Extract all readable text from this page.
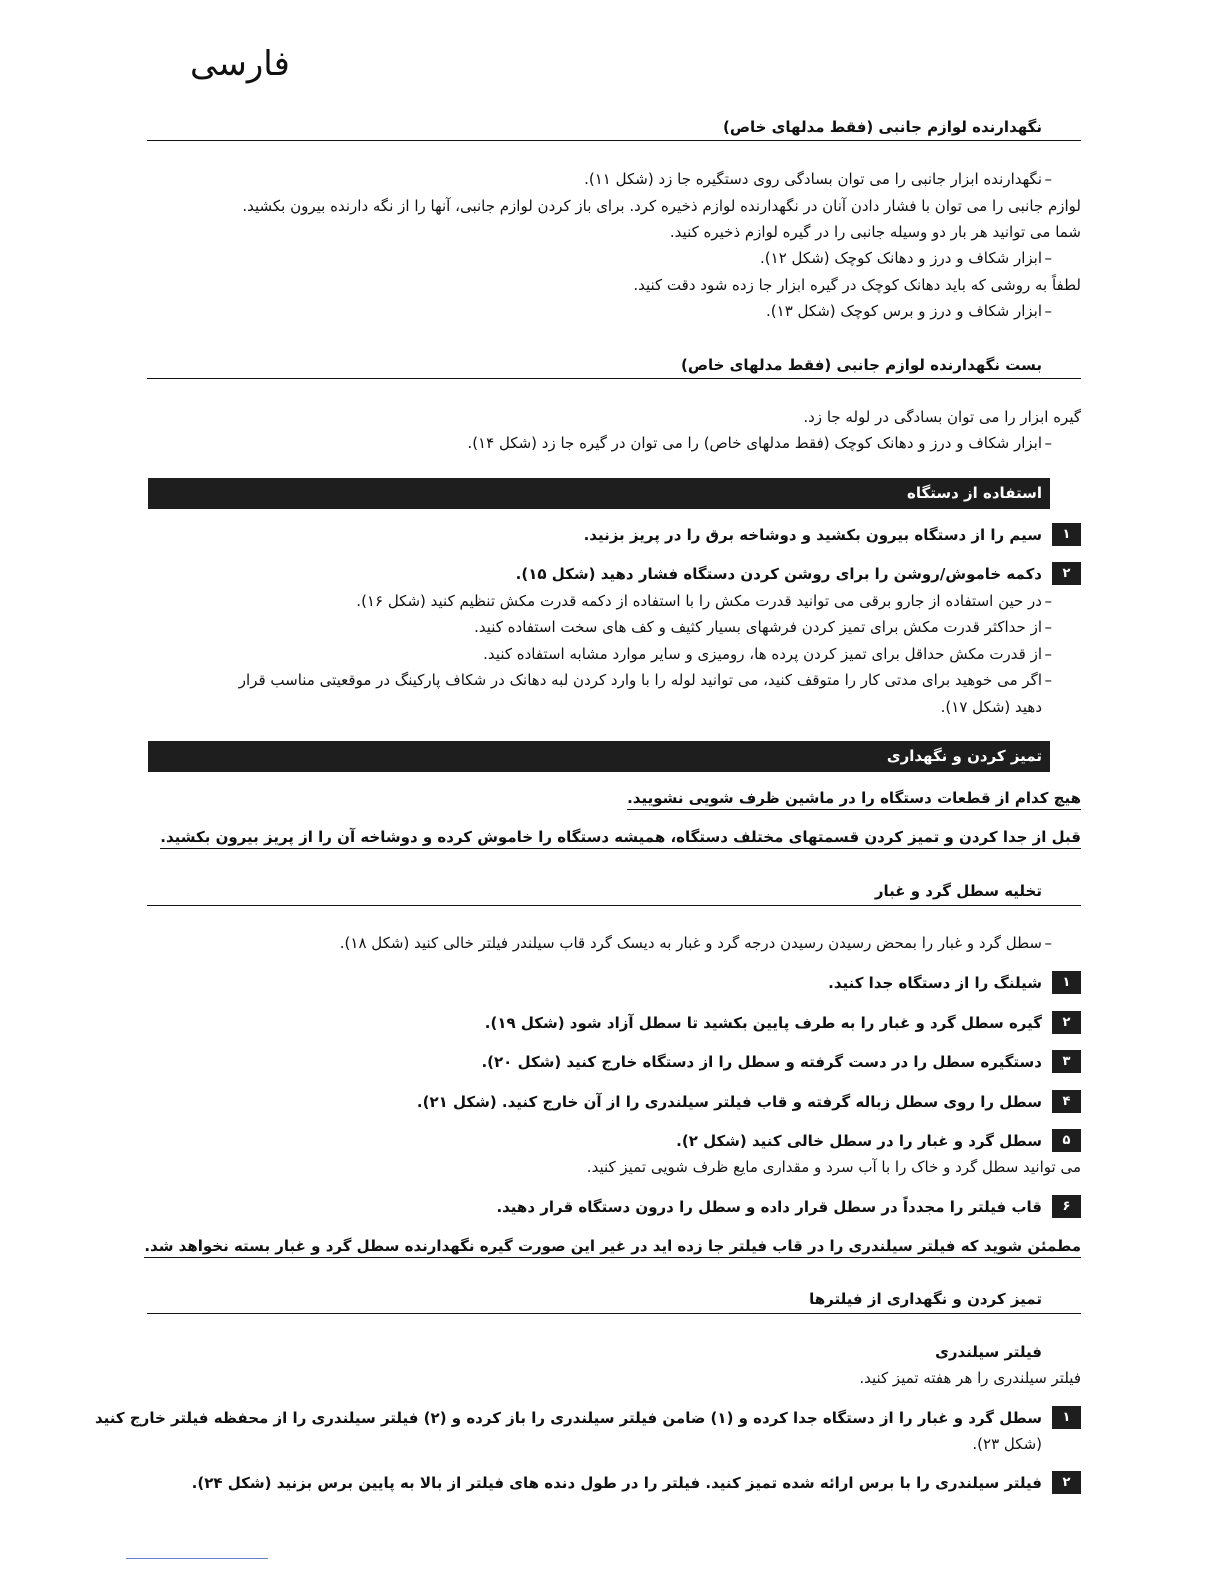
فارسی
نگهدارنده لوازم جانبی (فقط مدلهای خاص)
–
نگهدارنده ابزار جانبی را می توان بسادگی روی دستگیره جا زد (شکل ۱۱).
لوازم جانبی را می توان با فشار دادن آنان در نگهدارنده لوازم ذخیره کرد. برای باز کردن لوازم جانبی، آنها را از نگه دارنده بیرون بکشید.
شما می توانید هر بار دو وسیله جانبی را در گیره لوازم ذخیره کنید.
–
ابزار شکاف و درز و دهانک کوچک (شکل ۱۲).
لطفاً به روشی که باید دهانک کوچک در گیره ابزار جا زده شود دقت کنید.
–
ابزار شکاف و درز و برس کوچک (شکل ۱۳).
بست نگهدارنده لوازم جانبی (فقط مدلهای خاص)
گیره ابزار را می توان بسادگی در لوله جا زد.
–
ابزار شکاف و درز و دهانک کوچک (فقط مدلهای خاص) را می توان در گیره جا زد (شکل ۱۴).
استفاده از دستگاه
۱
سیم را از دستگاه بیرون بکشید و دوشاخه برق را در پریز بزنید.
۲
دکمه خاموش/روشن را برای روشن کردن دستگاه فشار دهید (شکل ۱۵).
–
در حین استفاده از جارو برقی می توانید قدرت مکش را با استفاده از دکمه قدرت مکش تنظیم کنید (شکل ۱۶).
–
از حداکثر قدرت مکش برای تمیز کردن فرشهای بسیار کثیف و کف های سخت استفاده کنید.
–
از قدرت مکش حداقل برای تمیز کردن پرده ها، رومیزی و سایر موارد مشابه استفاده کنید.
–
اگر می خوهید برای مدتی کار را متوقف کنید، می توانید لوله را با وارد کردن لبه دهانک در شکاف پارکینگ در موقعیتی مناسب قرار
دهید (شکل ۱۷).
تمیز کردن و نگهداری
هیچ کدام از قطعات دستگاه را در ماشین ظرف شویی نشویید.
قبل از جدا کردن و تمیز کردن قسمتهای مختلف دستگاه، همیشه دستگاه را خاموش کرده و دوشاخه آن را از پریز بیرون بکشید.
تخلیه سطل گرد و غبار
–
سطل گرد و غبار را بمحض رسیدن رسیدن درجه گرد و غبار به دیسک گرد قاب سیلندر فیلتر خالی کنید (شکل ۱۸).
۱
شیلنگ را از دستگاه جدا کنید.
۲
گیره سطل گرد و غبار را به طرف پایین بکشید تا سطل آزاد شود (شکل ۱۹).
۳
دستگیره سطل را در دست گرفته و سطل را از دستگاه خارج کنید (شکل ۲۰).
۴
سطل را روی سطل زباله گرفته و قاب فیلتر سیلندری را از آن خارج کنید. (شکل ۲۱).
۵
سطل گرد و غبار را در سطل خالی کنید (شکل ۲).
می توانید سطل گرد و خاک را با آب سرد و مقداری مایع ظرف شویی تمیز کنید.
۶
قاب فیلتر را مجدداً در سطل قرار داده و سطل را درون دستگاه قرار دهید.
مطمئن شوید که فیلتر سیلندری را در قاب فیلتر جا زده اید در غیر این صورت گیره نگهدارنده سطل گرد و غبار بسته نخواهد شد.
تمیز کردن و نگهداری از فیلترها
فیلتر سیلندری
فیلتر سیلندری را هر هفته تمیز کنید.
۱
سطل گرد و غبار را از دستگاه جدا کرده و (۱) ضامن فیلتر سیلندری را باز کرده و (۲) فیلتر سیلندری را از محفظه فیلتر خارج کنید
(شکل ۲۳).
۲
فیلتر سیلندری را با برس ارائه شده تمیز کنید. فیلتر را در طول دنده های فیلتر از بالا به پایین برس بزنید (شکل ۲۴).
